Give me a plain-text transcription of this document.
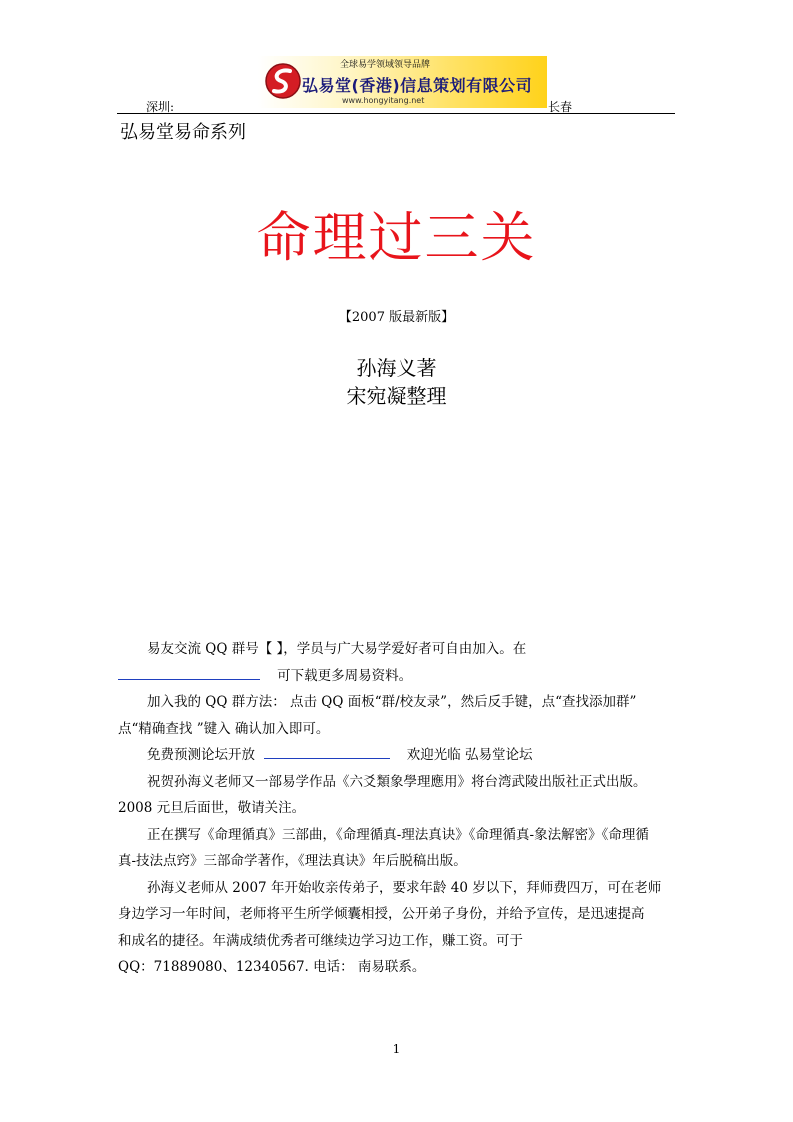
深圳:
全球易学领域领导品牌
弘易堂(香港)信息策划有限公司
www.hongyitang.net	长春
弘易堂易命系列
命理过三关
【2007 版最新版】
孙海义著
宋宛凝整理

易友交流 QQ 群号【 】，学员与广大易学爱好者可自由加入。在

可下载更多周易资料。

加入我的 QQ 群方法： 点击 QQ 面板“群/校友录”，然后反手键，点“查找添加群”

点“精确查找 ”键入 确认加入即可。

免费预测论坛开放	欢迎光临 弘易堂论坛

祝贺孙海义老师又一部易学作品《六爻類象學理應用》将台湾武陵出版社正式出版。

2008 元旦后面世，敬请关注。

正在撰写《命理循真》三部曲，《命理循真-理法真诀》《命理循真-象法解密》《命理循

真-技法点窍》三部命学著作，《理法真诀》年后脱稿出版。

孙海义老师从 2007 年开始收亲传弟子，要求年龄 40 岁以下，拜师费四万，可在老师

身边学习一年时间，老师将平生所学倾囊相授，公开弟子身份，并给予宣传，是迅速提高

和成名的捷径。年满成绩优秀者可继续边学习边工作，赚工资。可于

QQ：71889080、12340567. 电话： 南易联系。

1
